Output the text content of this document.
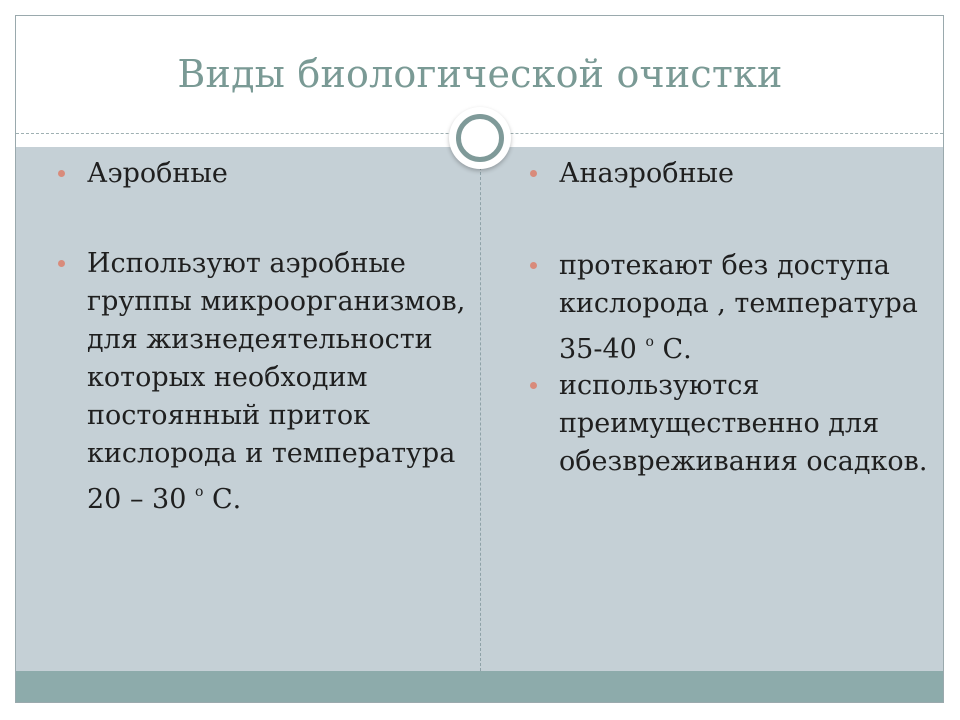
Виды биологической очистки
Аэробные
Используют аэробные группы микроорганизмов, для жизнедеятельности которых необходим постоянный приток кислорода и температура 20 – 30 $^о$ С.
Анаэробные
протекают без доступа кислорода , температура 35-40 $^о$ С.
используются преимущественно для обезвреживания осадков.
